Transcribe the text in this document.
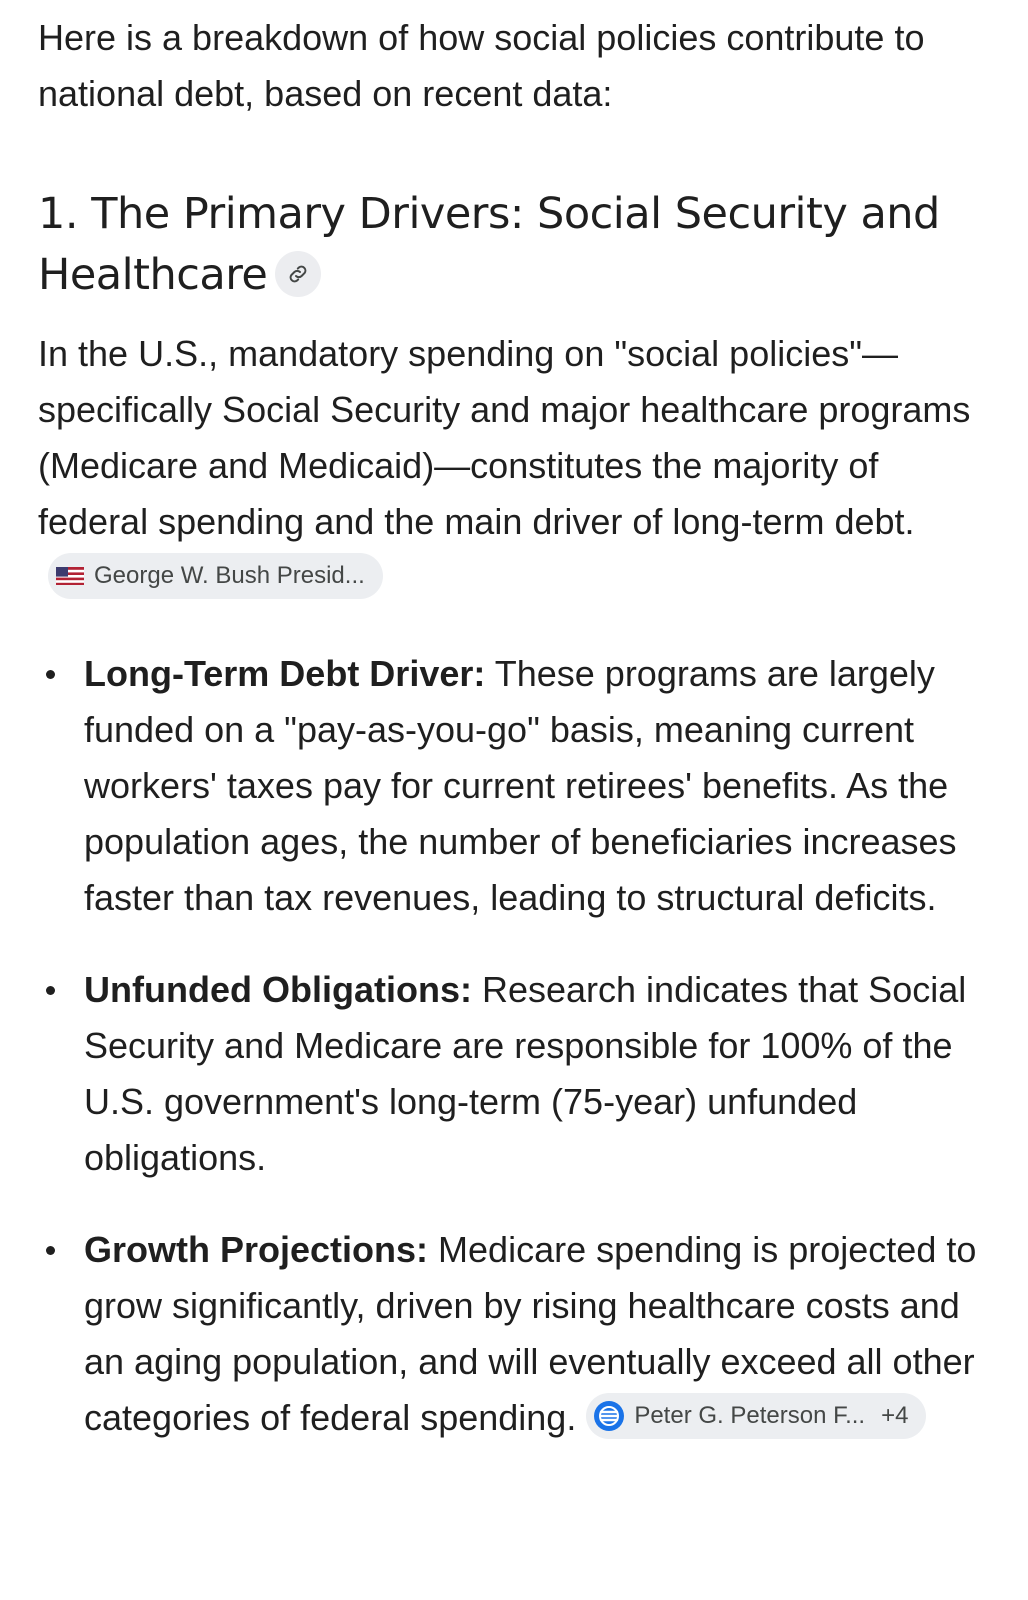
Here is a breakdown of how social policies contribute to national debt, based on recent data:

1. The Primary Drivers: Social Security and Healthcare

In the U.S., mandatory spending on "social policies"—specifically Social Security and major healthcare programs (Medicare and Medicaid)—constitutes the majority of federal spending and the main driver of long-term debt.
George W. Bush Presid...

Long-Term Debt Driver: These programs are largely funded on a "pay-as-you-go" basis, meaning current workers' taxes pay for current retirees' benefits. As the population ages, the number of beneficiaries increases faster than tax revenues, leading to structural deficits.
Unfunded Obligations: Research indicates that Social Security and Medicare are responsible for 100% of the U.S. government's long-term (75-year) unfunded obligations.
Growth Projections: Medicare spending is projected to grow significantly, driven by rising healthcare costs and an aging population, and will eventually exceed all other categories of federal spending. Peter G. Peterson F... +4
